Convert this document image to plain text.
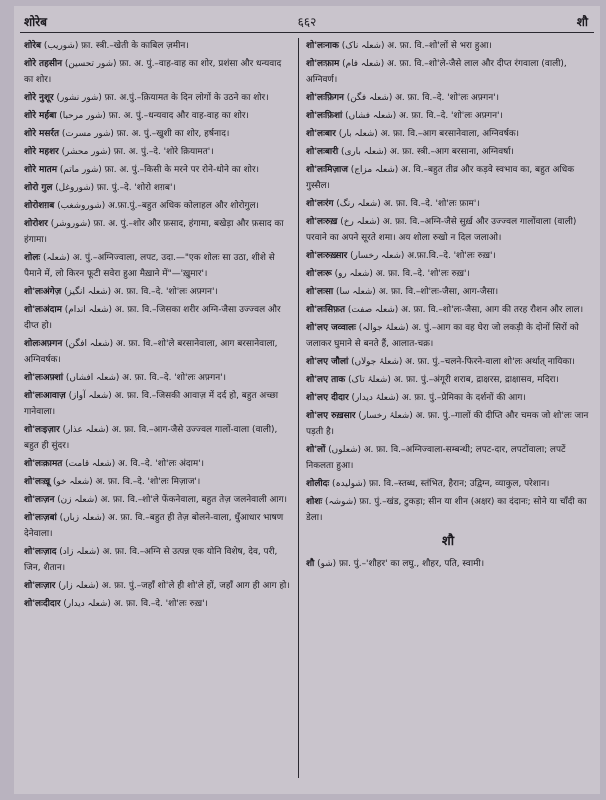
शोरेब	६६२	शौ
शोरेब (شوریب) फ़ा. स्त्री.–खेती के काबिल ज़मीन।
शोरे तहसीन (شور تحسین) फ़ा. अ. पुं.–वाह-वाह का शोर, प्रशंसा और धन्यवाद का शोर।
शोरे नुशूर (شور نشور) फ़ा. अ.पुं.–क़ियामत के दिन लोगों के उठने का शोर।
शोरे मर्हबा (شور مرحبا) फ़ा. अ. पुं.–धन्यवाद और वाह-वाह का शोर।
शोरे मसर्रत (شور مسرت) फ़ा. अ. पुं.–खुशी का शोर, हर्षनाद।
शोरे महशर (شور محشر) फ़ा. अ. पुं.–दे. 'शोरे क़ियामत'।
शोरे मातम (شور ماتم) फ़ा. अ. पुं.–किसी के मरने पर रोने-धोने का शोर।
शोरो गुल (شوروغل) फ़ा. पुं.–दे. 'शोरो शग़ब'।
शोरोशग़ब (شوروشغب) अ.फ़ा.पुं.–बहुत अधिक कोलाहल और शोरोगुल।
शोरोशर (شوروشر) फ़ा. अ. पुं.–शोर और फ़साद, हंगामा, बखेड़ा और फ़साद का हंगामा।
शोलः (شعلہ) अ. पुं.–अग्निज्वाला, लपट, उदा.—"एक शोलः सा उठा, शीशे से पैमाने में, लो किरन फूटी सवेरा हुआ मैख़ाने में"—'ख़ुमार'।
शो'लःअंगेज़ (شعلہ انگیز) अ. फ़ा. वि.–दे. 'शो'लः अफ़्गन'।
शो'लःअंदाम (شعلہ اندام) अ. फ़ा. वि.–जिसका शरीर अग्नि-जैसा उज्ज्वल और दीप्त हो।
शोलःअफ़्गन (شعلہ افگن) अ. फ़ा. वि.–शो'ले बरसानेवाला, आग बरसानेवाला, अग्निवर्षक।
शो'लःअफ़्शां (شعلہ افشاں) अ. फ़ा. वि.–दे. 'शो'लः अफ़्गन'।
शो'लःआवाज़ (شعلہ آواز) अ. फ़ा. वि.–जिसकी आवाज़ में दर्द हो, बहुत अच्छा गानेवाला।
शो'लःइज़ार (شعلہ عذار) अ. फ़ा. वि.–आग-जैसे उज्ज्वल गालों-वाला (वाली), बहुत ही सुंदर।
शो'लःक़ामत (شعلہ قامت) अ. वि.–दे. 'शो'लः अंदाम'।
शो'लःख़ू (شعلہ خو) अ. फ़ा. वि.–दे. 'शो'लः मिज़ाज'।
शो'लःज़न (شعلہ زن) अ. फ़ा. वि.–शो'ले फेंकनेवाला, बहुत तेज़ जलनेवाली आग।
शो'लःज़बां (شعلہ زباں) अ. फ़ा. वि.–बहुत ही तेज़ बोलने-वाला, धुँआधार भाषण देनेवाला।
शो'लःज़ाद (شعلہ زاد) अ. फ़ा. वि.–अग्नि से उत्पन्न एक योनि विशेष, देव, परी, जिन, शैतान।
शो'लःज़ार (شعلہ زار) अ. फ़ा. पुं.–जहाँ शो'ले ही शो'ले हों, जहाँ आग ही आग हो।
शो'लःदीदार (شعلہ دیدار) अ. फ़ा. वि.–दे. 'शो'लः रुख़'।
शो'लःनाक (شعلہ ناک) अ. फ़ा. वि.–शो'लों से भरा हुआ।
शो'लःफ़ाम (شعلہ فام) अ. फ़ा. वि.–शो'ले-जैसे लाल और दीप्त रंगवाला (वाली), अग्निवर्ण।
शो'लःफ़िगन (شعلہ فگن) अ. फ़ा. वि.–दे. 'शो'लः अफ़्गन'।
शो'लःफ़िशां (شعلہ فشاں) अ. फ़ा. वि.–दे. 'शो'लः अफ़्गन'।
शो'लःबार (شعلہ بار) अ. फ़ा. वि.–आग बरसानेवाला, अग्निवर्षक।
शो'लःबारी (شعلہ باری) अ. फ़ा. स्त्री.–आग बरसाना, अग्निवर्षा।
शो'लःमिज़ाज (شعلہ مزاج) अ. वि.–बहुत तीव्र और कड़वे स्वभाव का, बहुत अधिक गुस्सैल।
शो'लःरंग (شعلہ رنگ) अ. फ़ा. वि.–दे. 'शो'लः फ़ाम'।
शो'लःरुख़ (شعلہ رخ) अ. फ़ा. वि.–अग्नि-जैसे सुर्ख़ और उज्ज्वल गालोंवाला (वाली) परवाने का अपने सूरते शमा। अय शोला रुखो न दिल जलाओ।
शो'लःरुख़्सार (شعلہ رخسار) अ.फ़ा.वि.–दे. 'शो'लः रुख़'।
शो'लःरू (شعلہ رو) अ. फ़ा. वि.–दे. 'शो'लः रुख़'।
शो'लःसा (شعلہ سا) अ. फ़ा. वि.–शो'लः-जैसा, आग-जैसा।
शो'लःसिफ़त (شعلہ صفت) अ. फ़ा. वि.–शो'लः-जैसा, आग की तरह रौशन और लाल।
शो'लए जव्वालः (شعلۂ جوالہ) अ. पुं.–आग का वह घेरा जो लकड़ी के दोनों सिरों को जलाकर घुमाने से बनते हैं, आलात-चक्र।
शो'लए जौलां (شعلۂ جولاں) अ. फ़ा. पुं.–चलने-फिरने-वाला शो'लः अर्थात् नायिका।
शो'लए ताक (شعلۂ تاک) अ. फ़ा. पुं.–अंगूरी शराब, द्राक्षरस, द्राक्षासव, मदिरा।
शो'लए दीदार (شعلۂ دیدار) अ. फ़ा. पुं.–प्रेमिका के दर्शनों की आग।
शो'लए रुख़सार (شعلۂ رخسار) अ. फ़ा. पुं.–गालों की दीप्ति और चमक जो शो'लः जान पड़ती है।
शो'लों (شعلوں) अ. फ़ा. वि.–अग्निज्वाला-सम्बन्धी; लपट-दार, लपटोंवाला; लपटें निकलता हुआ।
शोलीदः (شولیدہ) फ़ा. वि.–स्तब्ध, स्तंभित, हैरान; उद्विग्न, व्याकुल, परेशान।
शोशः (شوشہ) फ़ा. पुं.–खंड, टुकड़ा; सीन या शीन (अक्षर) का दंदानः; सोने या चाँदी का डेला।
शौ
शौ (شو) फ़ा. पुं.–'शौहर' का लघु., शौहर, पति, स्वामी।
